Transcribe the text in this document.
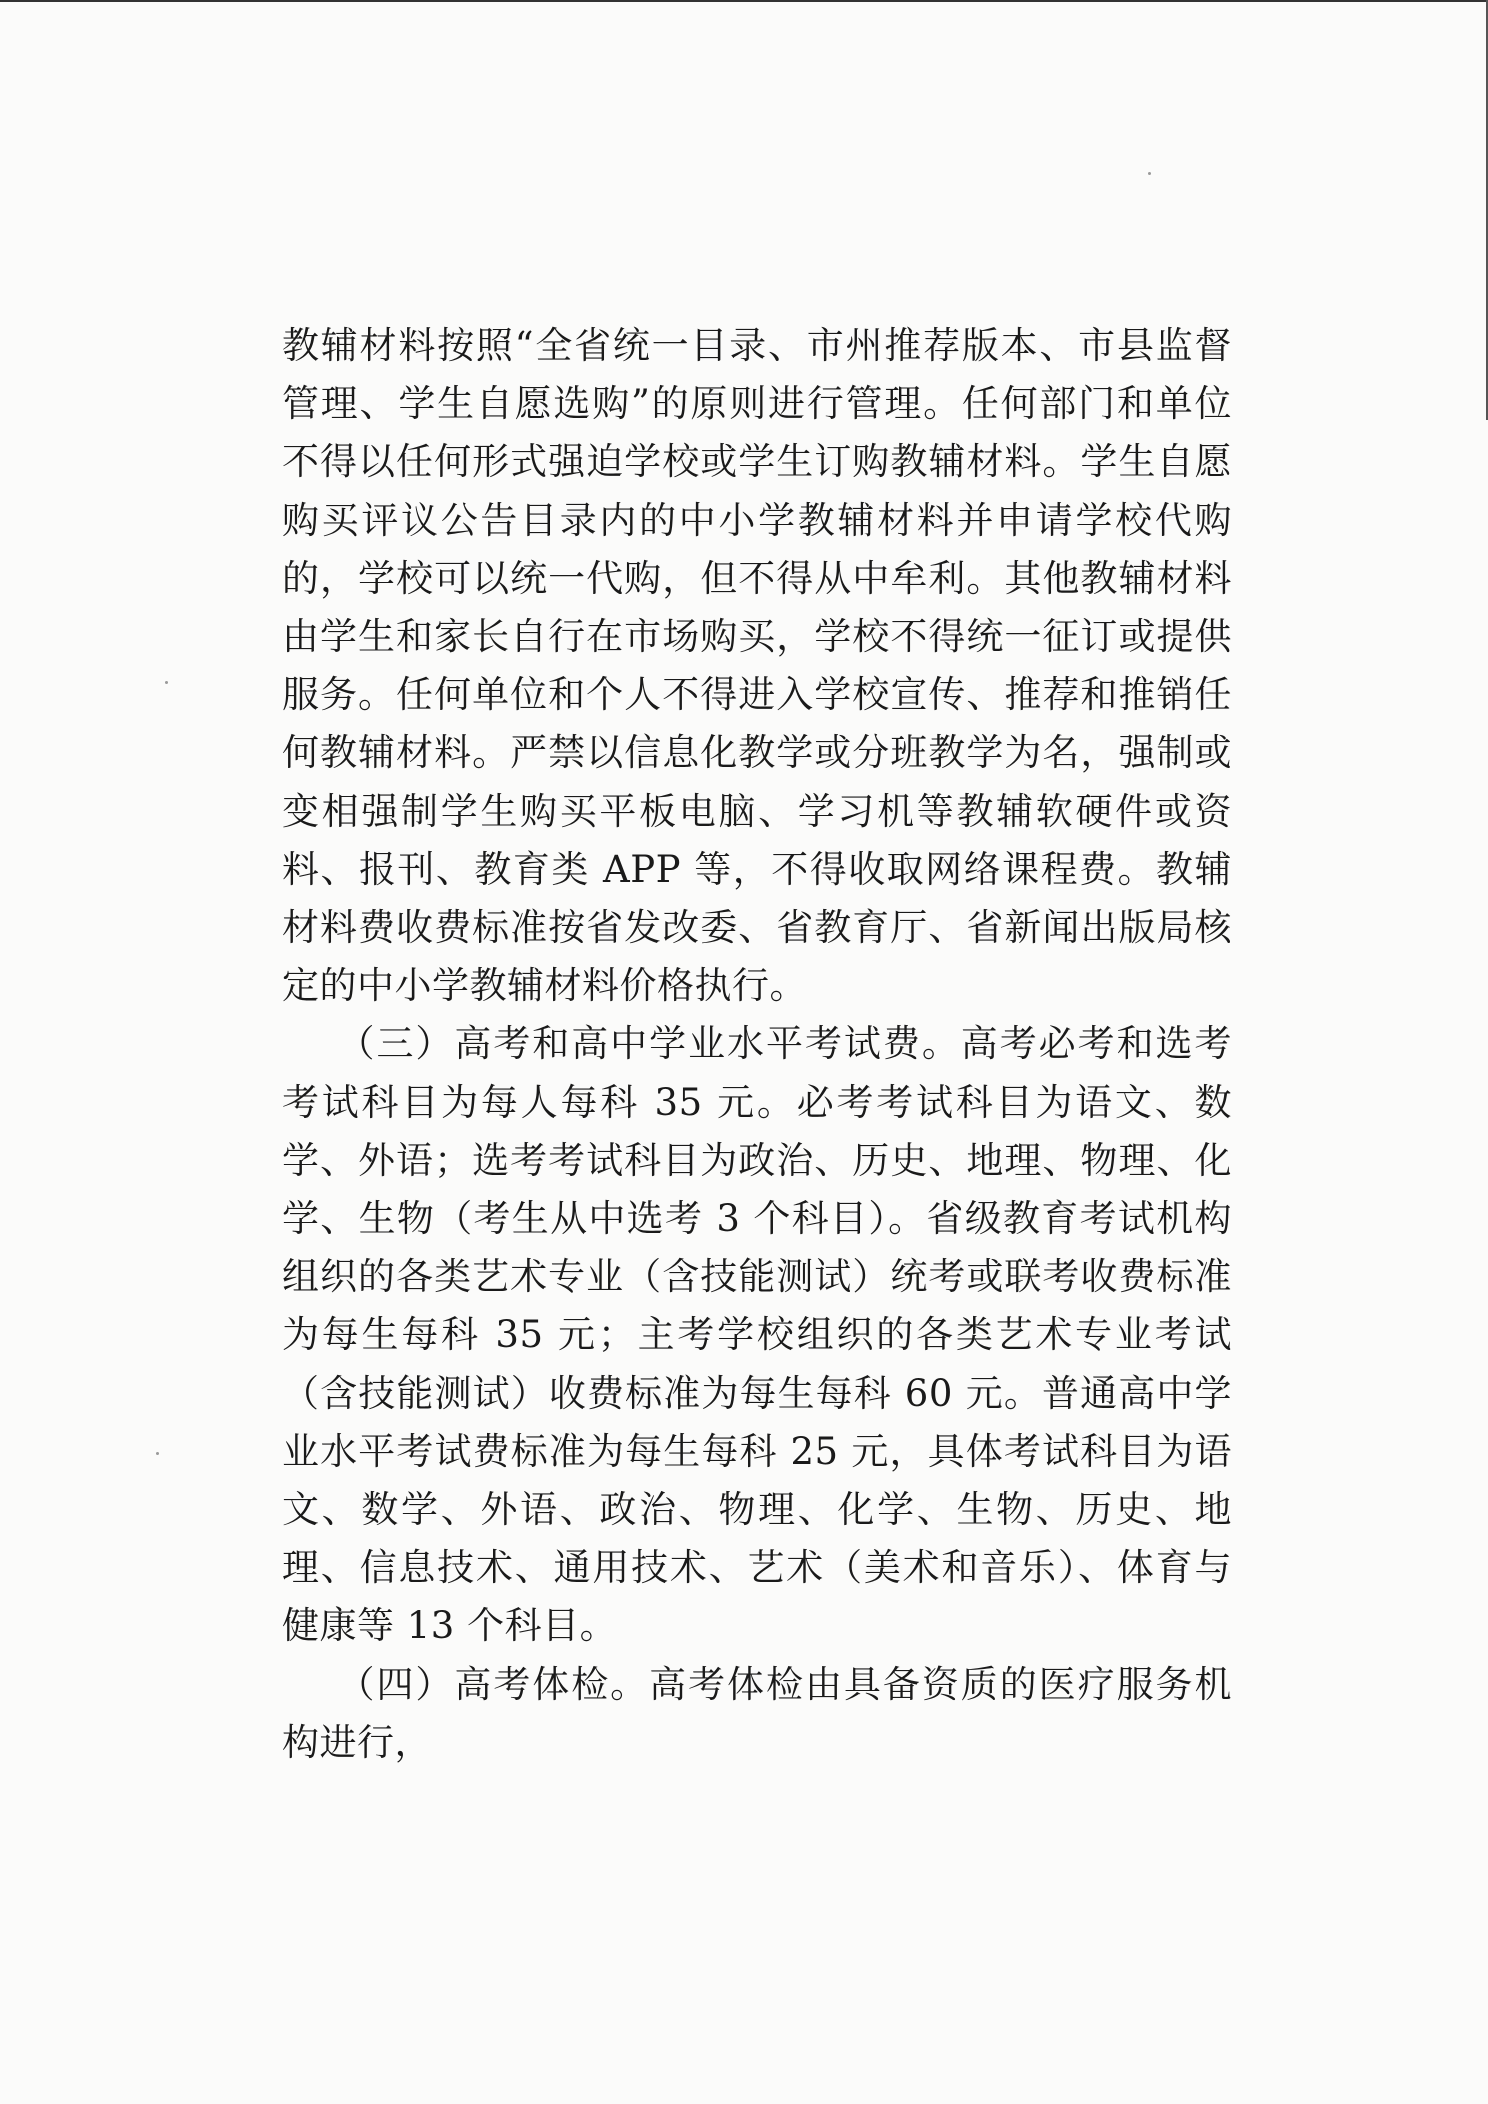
教辅材料按照“全省统一目录、市州推荐版本、市县监督管理、学生自愿选购”的原则进行管理。任何部门和单位不得以任何形式强迫学校或学生订购教辅材料。学生自愿购买评议公告目录内的中小学教辅材料并申请学校代购的，学校可以统一代购，但不得从中牟利。其他教辅材料由学生和家长自行在市场购买，学校不得统一征订或提供服务。任何单位和个人不得进入学校宣传、推荐和推销任何教辅材料。严禁以信息化教学或分班教学为名，强制或变相强制学生购买平板电脑、学习机等教辅软硬件或资料、报刊、教育类 APP 等，不得收取网络课程费。教辅材料费收费标准按省发改委、省教育厅、省新闻出版局核定的中小学教辅材料价格执行。

（三）高考和高中学业水平考试费。高考必考和选考考试科目为每人每科 35 元。必考考试科目为语文、数学、外语；选考考试科目为政治、历史、地理、物理、化学、生物（考生从中选考 3 个科目）。省级教育考试机构组织的各类艺术专业（含技能测试）统考或联考收费标准为每生每科 35 元；主考学校组织的各类艺术专业考试（含技能测试）收费标准为每生每科 60 元。普通高中学业水平考试费标准为每生每科 25 元，具体考试科目为语文、数学、外语、政治、物理、化学、生物、历史、地理、信息技术、通用技术、艺术（美术和音乐）、体育与健康等 13 个科目。

（四）高考体检。高考体检由具备资质的医疗服务机构进行，
